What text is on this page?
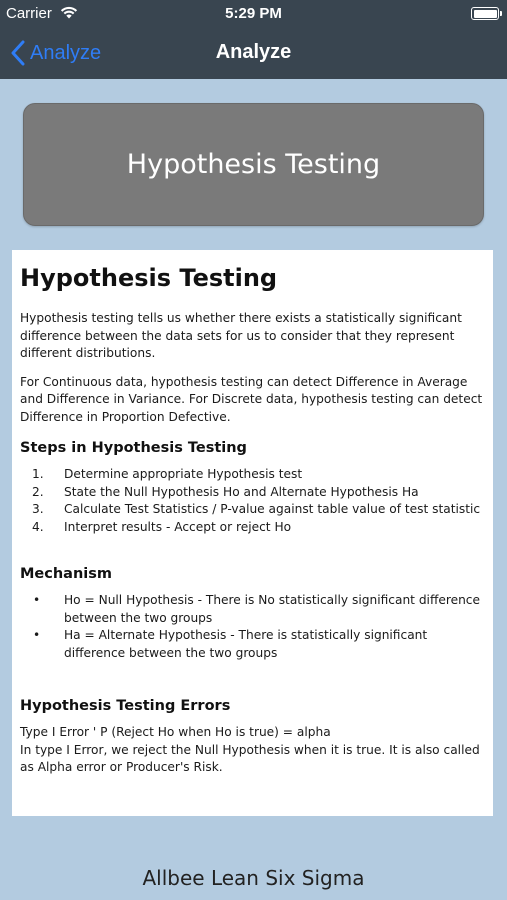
Carrier	5:29 PM
Analyze	Analyze
Hypothesis Testing
Hypothesis Testing

Hypothesis testing tells us whether there exists a statistically significant difference between the data sets for us to consider that they represent different distributions.

For Continuous data, hypothesis testing can detect Difference in Average and Difference in Variance. For Discrete data, hypothesis testing can detect Difference in Proportion Defective.

Steps in Hypothesis Testing
1.	Determine appropriate Hypothesis test
2.	State the Null Hypothesis Ho and Alternate Hypothesis Ha
3.	Calculate Test Statistics / P-value against table value of test statistic
4.	Interpret results - Accept or reject Ho
Mechanism
•	Ho = Null Hypothesis - There is No statistically significant difference between the two groups
•	Ha = Alternate Hypothesis - There is statistically significant difference between the two groups
Hypothesis Testing Errors
Type I Error ' P (Reject Ho when Ho is true) = alpha
In type I Error, we reject the Null Hypothesis when it is true. It is also called as Alpha error or Producer's Risk.
Allbee Lean Six Sigma
